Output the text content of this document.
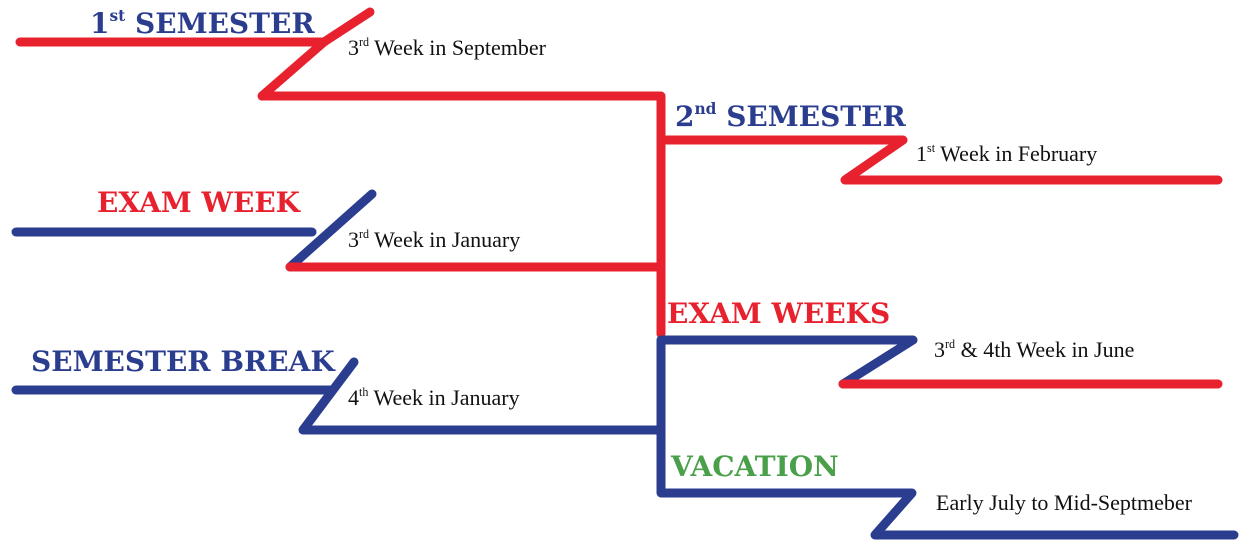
1st SEMESTER
3rd Week in September
2nd SEMESTER
1st Week in February
EXAM WEEK
3rd Week in January
EXAM WEEKS
3rd & 4th Week in June
SEMESTER BREAK
4th Week in January
VACATION
Early July to Mid-Septmeber
